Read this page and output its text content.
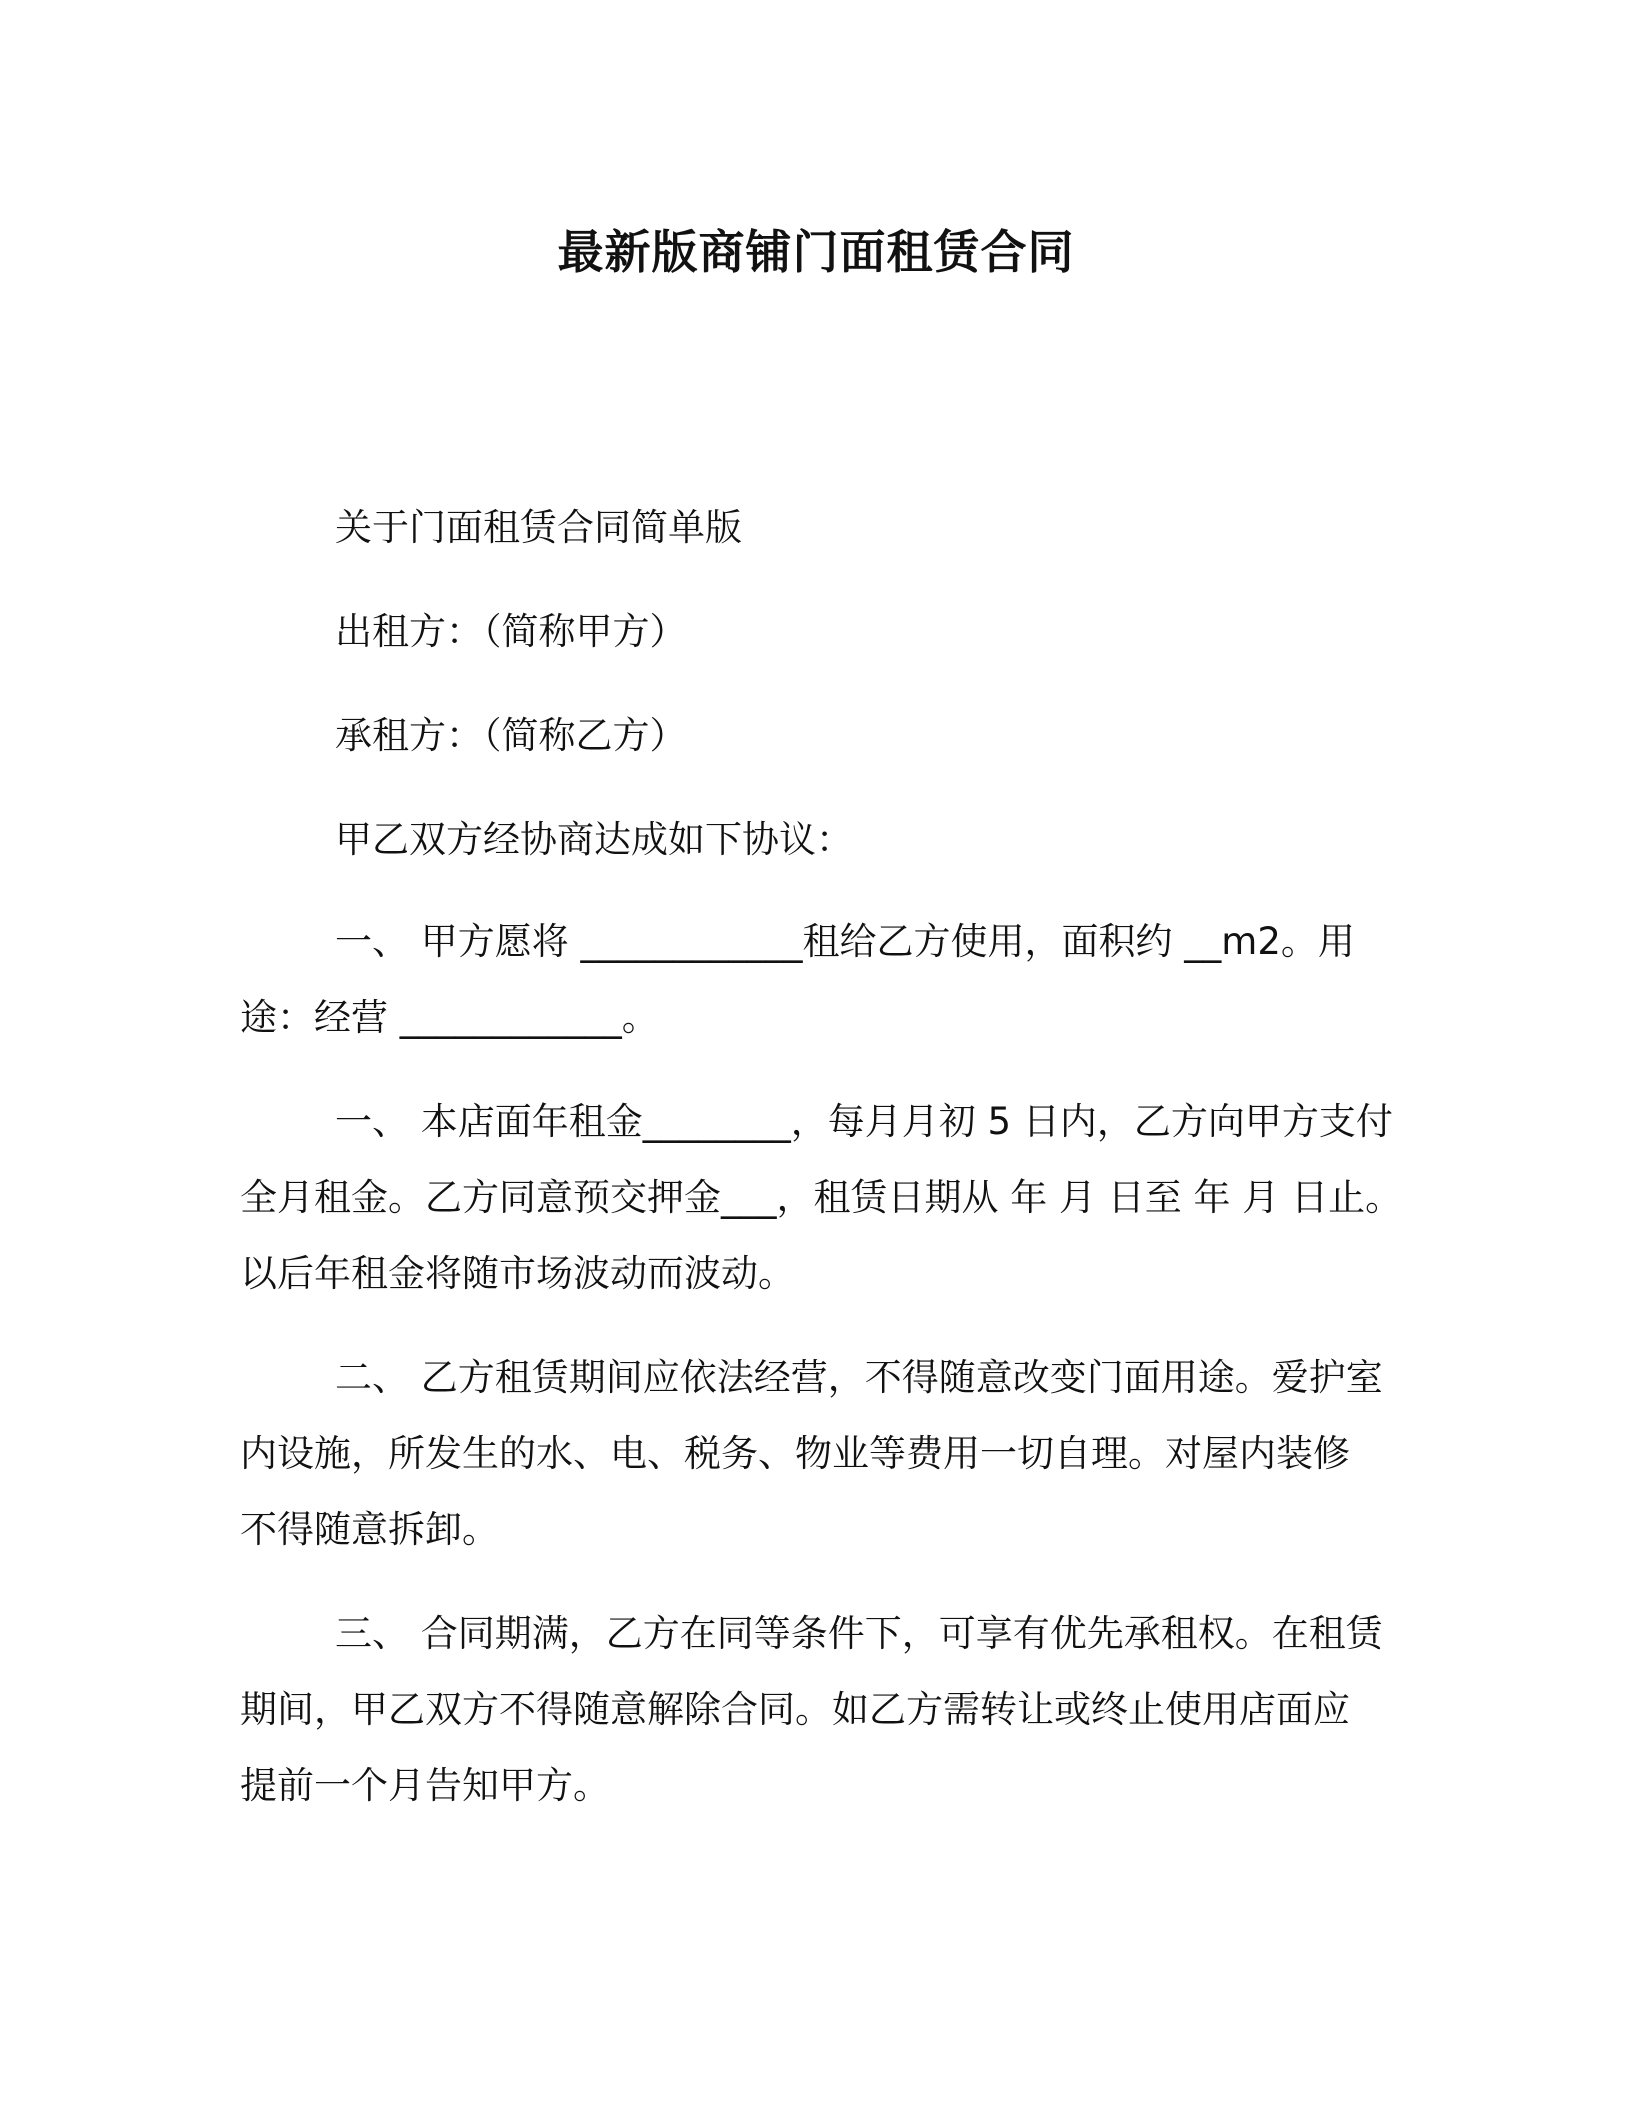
最新版商铺门面租赁合同

关于门面租赁合同简单版

出租方：（简称甲方）

承租方：（简称乙方）

甲乙双方经协商达成如下协议：

一、 甲方愿将 ____________租给乙方使用，面积约 __m2。用

途：经营 ____________。

一、 本店面年租金________，每月月初 5 日内，乙方向甲方支付

全月租金。乙方同意预交押金___，租赁日期从 年 月 日至 年 月 日止。

以后年租金将随市场波动而波动。

二、 乙方租赁期间应依法经营，不得随意改变门面用途。爱护室

内设施，所发生的水、电、税务、物业等费用一切自理。对屋内装修

不得随意拆卸。

三、 合同期满，乙方在同等条件下，可享有优先承租权。在租赁

期间，甲乙双方不得随意解除合同。如乙方需转让或终止使用店面应

提前一个月告知甲方。
